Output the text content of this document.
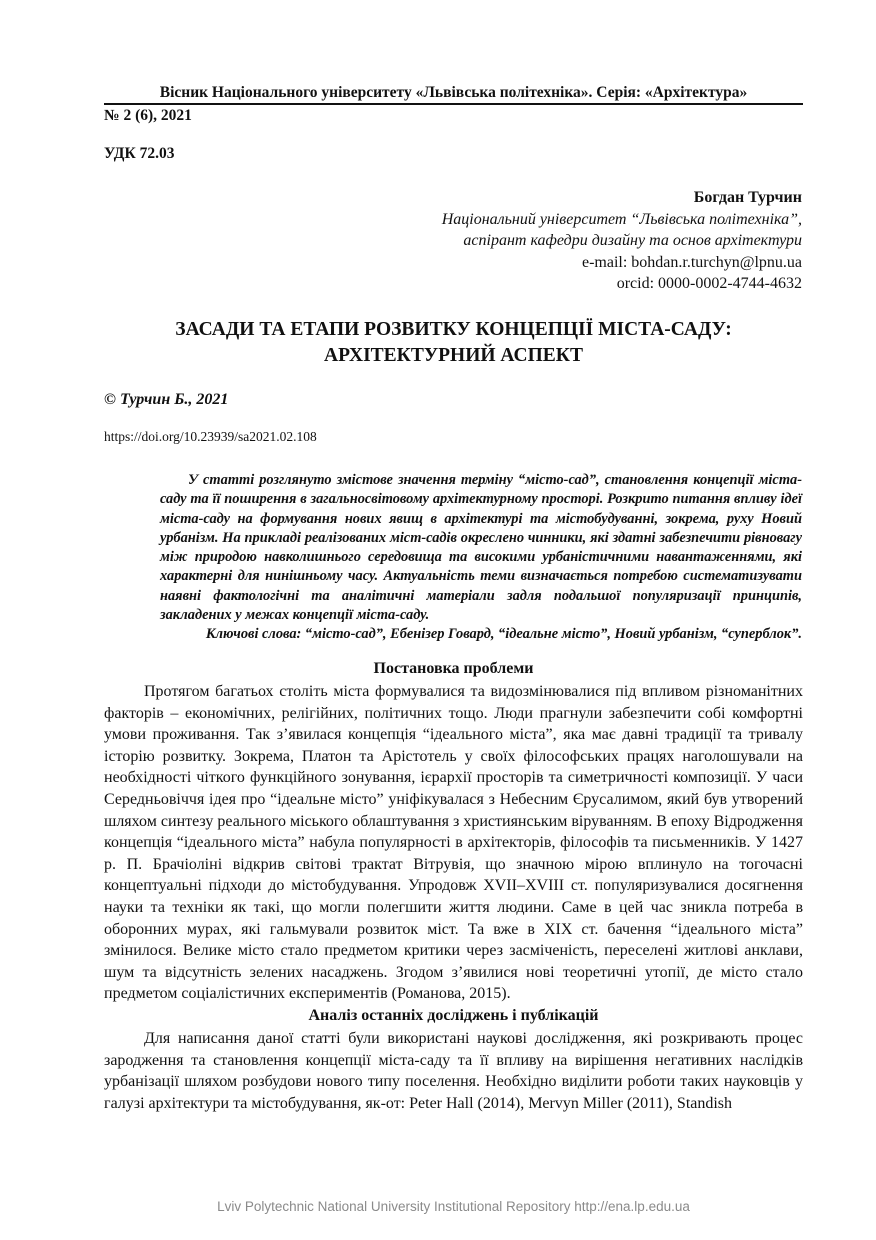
Вісник Національного університету «Львівська політехніка». Серія: «Архітектура»
№ 2 (6), 2021
УДК 72.03
Богдан Турчин
Національний університет “Львівська політехніка”,
аспірант кафедри дизайну та основ архітектури
e-mail: bohdan.r.turchyn@lpnu.ua
orcid: 0000-0002-4744-4632
ЗАСАДИ ТА ЕТАПИ РОЗВИТКУ КОНЦЕПЦІЇ МІСТА-САДУ:
АРХІТЕКТУРНИЙ АСПЕКТ
© Турчин Б., 2021
https://doi.org/10.23939/sa2021.02.108

У статті розглянуто змістове значення терміну “місто-сад”, становлення концепції міста-саду та її поширення в загальносвітовому архітектурному просторі. Розкрито питання впливу ідеї міста-саду на формування нових явищ в архітектурі та містобудуванні, зокрема, руху Новий урбанізм. На прикладі реалізованих міст-садів окреслено чинники, які здатні забезпечити рівновагу між природою навколишнього середовища та високими урбаністичними навантаженнями, які характерні для нинішньому часу. Актуальність теми визначається потребою систематизувати наявні фактологічні та аналітичні матеріали задля подальшої популяризації принципів, закладених у межах концепції міста-саду.

Ключові слова: “місто-сад”, Ебенізер Говард, “ідеальне місто”, Новий урбанізм, “суперблок”.

Постановка проблеми

Протягом багатьох століть міста формувалися та видозмінювалися під впливом різноманітних факторів – економічних, релігійних, політичних тощо. Люди прагнули забезпечити собі комфортні умови проживання. Так з’явилася концепція “ідеального міста”, яка має давні традиції та тривалу історію розвитку. Зокрема, Платон та Арістотель у своїх філософських працях наголошували на необхідності чіткого функційного зонування, ієрархії просторів та симетричності композиції. У часи Середньовіччя ідея про “ідеальне місто” уніфікувалася з Небесним Єрусалимом, який був утворений шляхом синтезу реального міського облаштування з християнським віруванням. В епоху Відродження концепція “ідеального міста” набула популярності в архітекторів, філософів та письменників. У 1427 р. П. Брачіоліні відкрив світові трактат Вітрувія, що значною мірою вплинуло на тогочасні концептуальні підходи до містобудування. Упродовж XVII–XVIII ст. популяризувалися досягнення науки та техніки як такі, що могли полегшити життя людини. Саме в цей час зникла потреба в оборонних мурах, які гальмували розвиток міст. Та вже в XIX ст. бачення “ідеального міста” змінилося. Велике місто стало предметом критики через засміченість, переселені житлові анклави, шум та відсутність зелених насаджень. Згодом з’явилися нові теоретичні утопії, де місто стало предметом соціалістичних експериментів (Романова, 2015).

Аналіз останніх досліджень і публікацій

Для написання даної статті були використані наукові дослідження, які розкривають процес зародження та становлення концепції міста-саду та її впливу на вирішення негативних наслідків урбанізації шляхом розбудови нового типу поселення. Необхідно виділити роботи таких науковців у галузі архітектури та містобудування, як-от: Peter Hall (2014), Mervyn Miller (2011), Standish

Lviv Polytechnic National University Institutional Repository http://ena.lp.edu.ua
